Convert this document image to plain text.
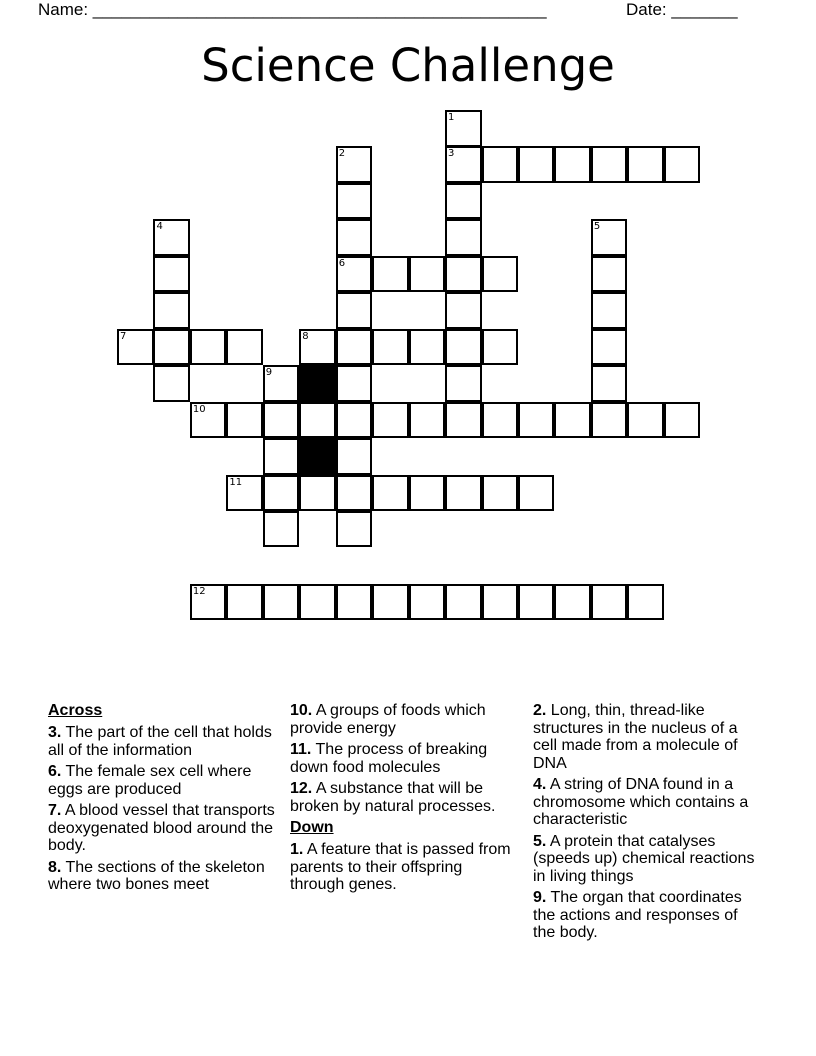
Name: ________________________________________________	Date: _______
Science Challenge
3
6
7	8
10
11
12
1
2
4	5
9
Across
3. The part of the cell that holds all of the information
6. The female sex cell where eggs are produced
7. A blood vessel that transports deoxygenated blood around the body.
8. The sections of the skeleton where two bones meet
10. A groups of foods which provide energy
11. The process of breaking down food molecules
12. A substance that will be broken by natural processes.
Down
1. A feature that is passed from parents to their offspring through genes.
2. Long, thin, thread-like structures in the nucleus of a cell made from a molecule of DNA
4. A string of DNA found in a chromosome which contains a characteristic
5. A protein that catalyses (speeds up) chemical reactions in living things
9. The organ that coordinates the actions and responses of the body.
